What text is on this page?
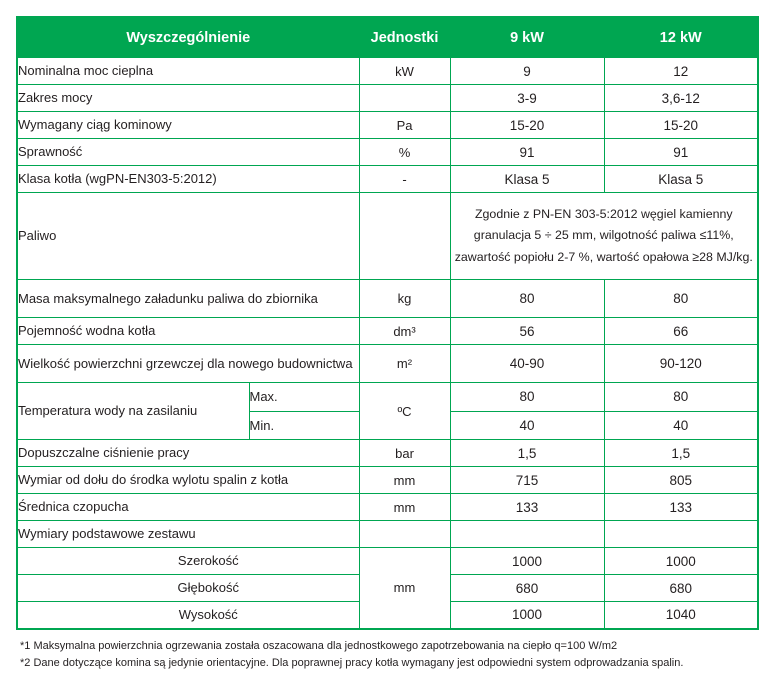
Wyszczególnienie		Jednostki	9 kW	12 kW
Nominalna moc cieplna		kW	9	12
Zakres mocy			3-9	3,6-12
Wymagany ciąg kominowy		Pa	15-20	15-20
Sprawność		%	91	91
Klasa kotła (wgPN-EN303-5:2012)		-	Klasa 5	Klasa 5
Paliwo			Zgodnie z PN-EN 303-5:2012 węgiel kamienny granulacja 5 ÷ 25 mm, wilgotność paliwa ≤11%, zawartość popiołu 2-7 %, wartość opałowa ≥28 MJ/kg.	
Masa maksymalnego załadunku paliwa do zbiornika		kg	80	80
Pojemność wodna kotła		dm³	56	66
Wielkość powierzchni grzewczej dla nowego budownictwa		m²	40-90	90-120
Temperatura wody na zasilaniu	Max.	ºC	80	80
	Min.		40	40
Dopuszczalne ciśnienie pracy		bar	1,5	1,5
Wymiar od dołu do środka wylotu spalin z kotła		mm	715	805
Średnica czopucha		mm	133	133
Wymiary podstawowe zestawu				
Szerokość		mm	1000	1000
Głębokość			680	680
Wysokość			1000	1040
*1 Maksymalna powierzchnia ogrzewania została oszacowana dla jednostkowego zapotrzebowania na ciepło q=100 W/m2
*2 Dane dotyczące komina są jedynie orientacyjne. Dla poprawnej pracy kotła wymagany jest odpowiedni system odprowadzania spalin.
